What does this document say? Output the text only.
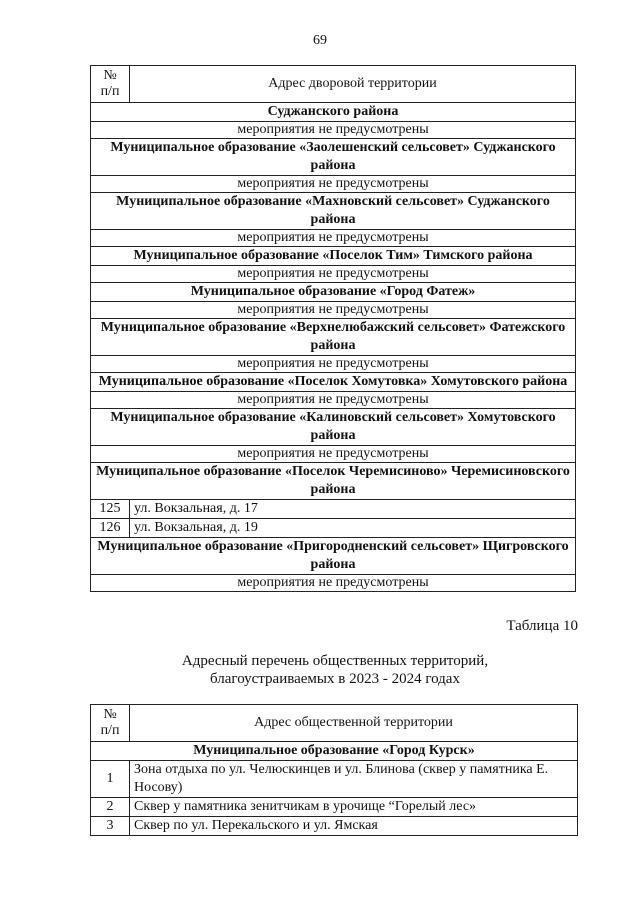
69
№
п/п	Адрес дворовой территории
Суджанского района	
мероприятия не предусмотрены	
Муниципальное образование «Заолешенский сельсовет» Суджанского района	
мероприятия не предусмотрены	
Муниципальное образование «Махновский сельсовет» Суджанского района	
мероприятия не предусмотрены	
Муниципальное образование «Поселок Тим» Тимского района	
мероприятия не предусмотрены	
Муниципальное образование «Город Фатеж»	
мероприятия не предусмотрены	
Муниципальное образование «Верхнелюбажский сельсовет» Фатежского района	
мероприятия не предусмотрены	
Муниципальное образование «Поселок Хомутовка» Хомутовского района	
мероприятия не предусмотрены	
Муниципальное образование «Калиновский сельсовет» Хомутовского района	
мероприятия не предусмотрены	
Муниципальное образование «Поселок Черемисиново» Черемисиновского района	
125	ул. Вокзальная, д. 17
126	ул. Вокзальная, д. 19
Муниципальное образование «Пригородненский сельсовет» Щигровского района	
мероприятия не предусмотрены	
Таблица 10
Адресный перечень общественных территорий,
благоустраиваемых в 2023 - 2024 годах
№
п/п	Адрес общественной территории
Муниципальное образование «Город Курск»	
1	Зона отдыха по ул. Челюскинцев и ул. Блинова (сквер у памятника Е. Носову)
2	Сквер у памятника зенитчикам в урочище “Горелый лес»
3	Сквер по ул. Перекальского и ул. Ямская
